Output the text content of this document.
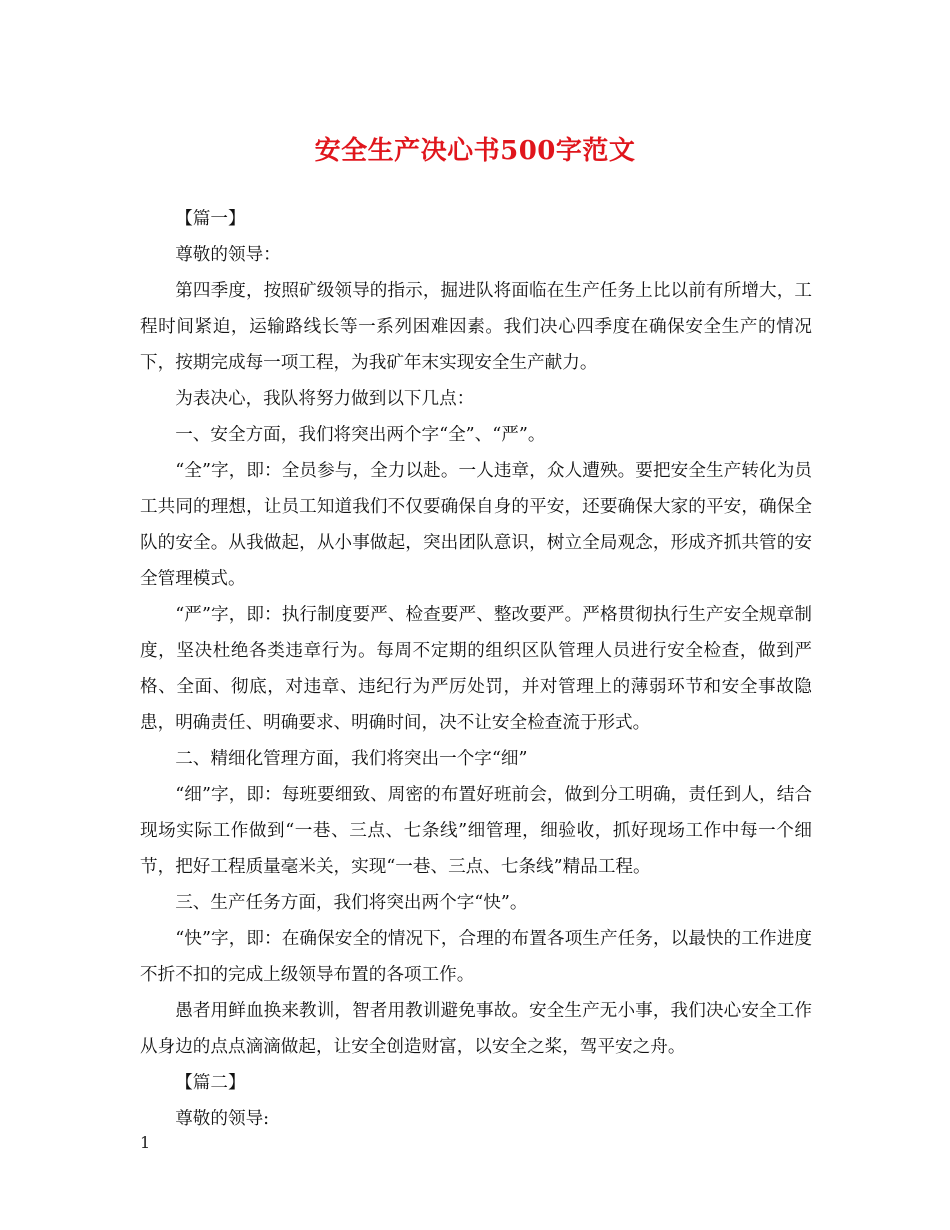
安全生产决心书500字范文

【篇一】

尊敬的领导：

第四季度，按照矿级领导的指示，掘进队将面临在生产任务上比以前有所增大，工程时间紧迫，运输路线长等一系列困难因素。我们决心四季度在确保安全生产的情况下，按期完成每一项工程，为我矿年末实现安全生产献力。

为表决心，我队将努力做到以下几点：

一、安全方面，我们将突出两个字“全”、“严”。

“全”字，即：全员参与，全力以赴。一人违章，众人遭殃。要把安全生产转化为员工共同的理想，让员工知道我们不仅要确保自身的平安，还要确保大家的平安，确保全队的安全。从我做起，从小事做起，突出团队意识，树立全局观念，形成齐抓共管的安全管理模式。

“严”字，即：执行制度要严、检查要严、整改要严。严格贯彻执行生产安全规章制度，坚决杜绝各类违章行为。每周不定期的组织区队管理人员进行安全检查，做到严格、全面、彻底，对违章、违纪行为严厉处罚，并对管理上的薄弱环节和安全事故隐患，明确责任、明确要求、明确时间，决不让安全检查流于形式。

二、精细化管理方面，我们将突出一个字“细”

“细”字，即：每班要细致、周密的布置好班前会，做到分工明确，责任到人，结合现场实际工作做到“一巷、三点、七条线”细管理，细验收，抓好现场工作中每一个细节，把好工程质量毫米关，实现“一巷、三点、七条线”精品工程。

三、生产任务方面，我们将突出两个字“快”。

“快”字，即：在确保安全的情况下，合理的布置各项生产任务，以最快的工作进度不折不扣的完成上级领导布置的各项工作。

愚者用鲜血换来教训，智者用教训避免事故。安全生产无小事，我们决心安全工作从身边的点点滴滴做起，让安全创造财富，以安全之桨，驾平安之舟。

【篇二】

尊敬的领导:

1
